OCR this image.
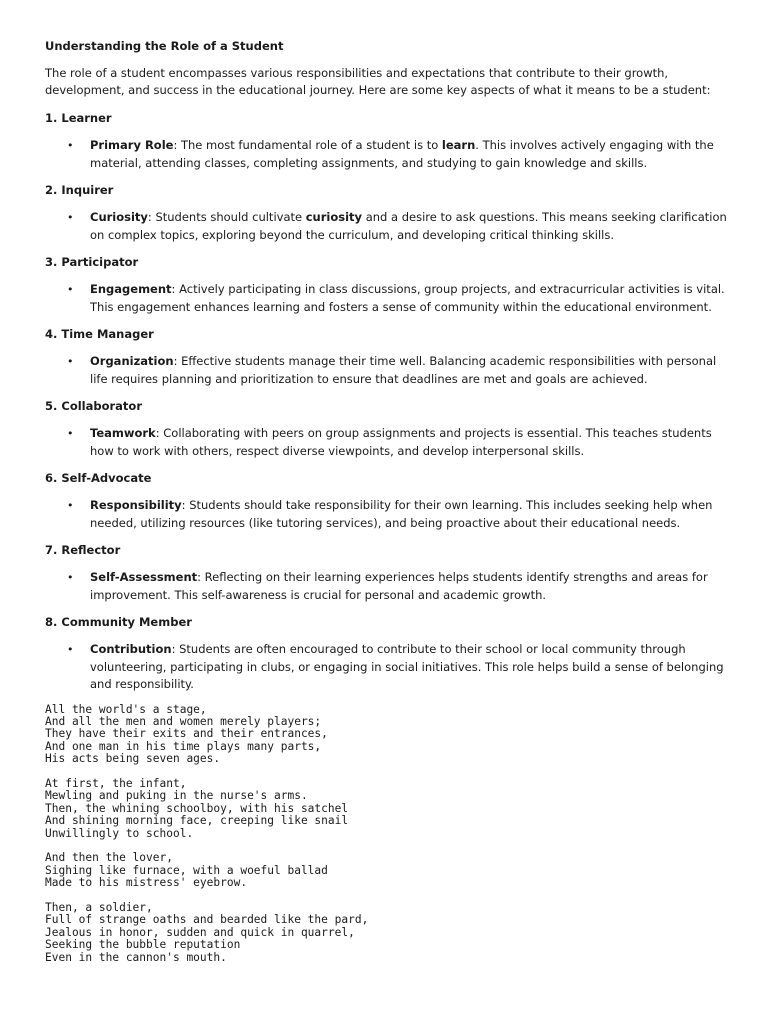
Understanding the Role of a Student
The role of a student encompasses various responsibilities and expectations that contribute to their growth, development, and success in the educational journey. Here are some key aspects of what it means to be a student:
1. Learner
• Primary Role: The most fundamental role of a student is to learn. This involves actively engaging with the material, attending classes, completing assignments, and studying to gain knowledge and skills.
2. Inquirer
• Curiosity: Students should cultivate curiosity and a desire to ask questions. This means seeking clarification on complex topics, exploring beyond the curriculum, and developing critical thinking skills.
3. Participator
• Engagement: Actively participating in class discussions, group projects, and extracurricular activities is vital. This engagement enhances learning and fosters a sense of community within the educational environment.
4. Time Manager
• Organization: Effective students manage their time well. Balancing academic responsibilities with personal life requires planning and prioritization to ensure that deadlines are met and goals are achieved.
5. Collaborator
• Teamwork: Collaborating with peers on group assignments and projects is essential. This teaches students how to work with others, respect diverse viewpoints, and develop interpersonal skills.
6. Self-Advocate
• Responsibility: Students should take responsibility for their own learning. This includes seeking help when needed, utilizing resources (like tutoring services), and being proactive about their educational needs.
7. Reflector
• Self-Assessment: Reflecting on their learning experiences helps students identify strengths and areas for improvement. This self-awareness is crucial for personal and academic growth.
8. Community Member
• Contribution: Students are often encouraged to contribute to their school or local community through volunteering, participating in clubs, or engaging in social initiatives. This role helps build a sense of belonging and responsibility.
All the world's a stage,
And all the men and women merely players;
They have their exits and their entrances,
And one man in his time plays many parts,
His acts being seven ages.
At first, the infant,
Mewling and puking in the nurse's arms.
Then, the whining schoolboy, with his satchel
And shining morning face, creeping like snail
Unwillingly to school.
And then the lover,
Sighing like furnace, with a woeful ballad
Made to his mistress' eyebrow.
Then, a soldier,
Full of strange oaths and bearded like the pard,
Jealous in honor, sudden and quick in quarrel,
Seeking the bubble reputation
Even in the cannon's mouth.
